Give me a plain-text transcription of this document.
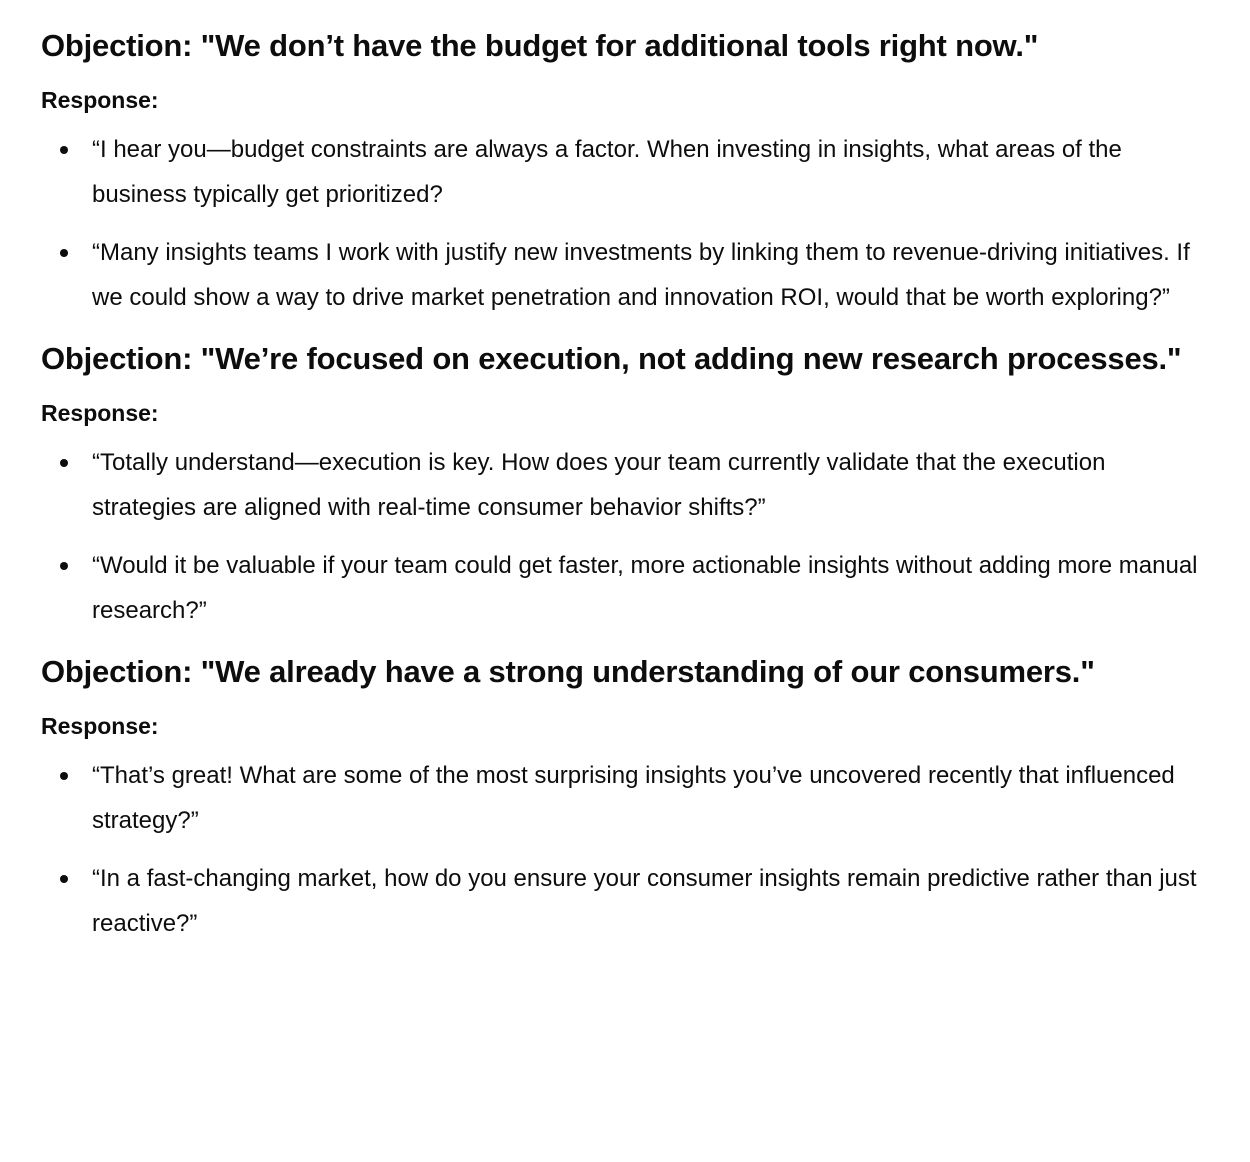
Objection: "We don’t have the budget for additional tools right now."
Response:
“I hear you—budget constraints are always a factor. When investing in insights, what areas of the business typically get prioritized?
“Many insights teams I work with justify new investments by linking them to revenue-driving initiatives. If we could show a way to drive market penetration and innovation ROI, would that be worth exploring?”
Objection: "We’re focused on execution, not adding new research processes."
Response:
“Totally understand—execution is key. How does your team currently validate that the execution strategies are aligned with real-time consumer behavior shifts?”
“Would it be valuable if your team could get faster, more actionable insights without adding more manual research?”
Objection: "We already have a strong understanding of our consumers."
Response:
“That’s great! What are some of the most surprising insights you’ve uncovered recently that influenced strategy?”
“In a fast-changing market, how do you ensure your consumer insights remain predictive rather than just reactive?”
